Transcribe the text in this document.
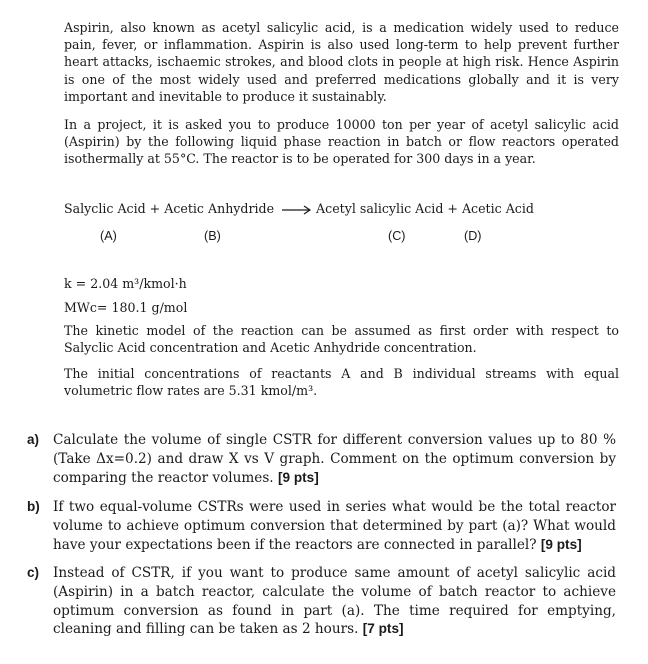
Aspirin, also known as acetyl salicylic acid, is a medication widely used to reduce pain, fever, or inflammation. Aspirin is also used long-term to help prevent further heart attacks, ischaemic strokes, and blood clots in people at high risk. Hence Aspirin is one of the most widely used and preferred medications globally and it is very important and inevitable to produce it sustainably.

In a project, it is asked you to produce 10000 ton per year of acetyl salicylic acid (Aspirin) by the following liquid phase reaction in batch or flow reactors operated isothermally at 55°C. The reactor is to be operated for 300 days in a year.

Salyclic Acid + Acetic Anhydride → Acetyl salicylic Acid + Acetic Acid
(A)	(B)	(C)	(D)
k = 2.04 m³/kmol·h
MWc= 180.1 g/mol

The kinetic model of the reaction can be assumed as first order with respect to Salyclic Acid concentration and Acetic Anhydride concentration.

The initial concentrations of reactants A and B individual streams with equal volumetric flow rates are 5.31 kmol/m³.

a) Calculate the volume of single CSTR for different conversion values up to 80 % (Take Δx=0.2) and draw X vs V graph. Comment on the optimum conversion by comparing the reactor volumes. [9 pts]

b) If two equal-volume CSTRs were used in series what would be the total reactor volume to achieve optimum conversion that determined by part (a)? What would have your expectations been if the reactors are connected in parallel? [9 pts]

c) Instead of CSTR, if you want to produce same amount of acetyl salicylic acid (Aspirin) in a batch reactor, calculate the volume of batch reactor to achieve optimum conversion as found in part (a). The time required for emptying, cleaning and filling can be taken as 2 hours. [7 pts]
